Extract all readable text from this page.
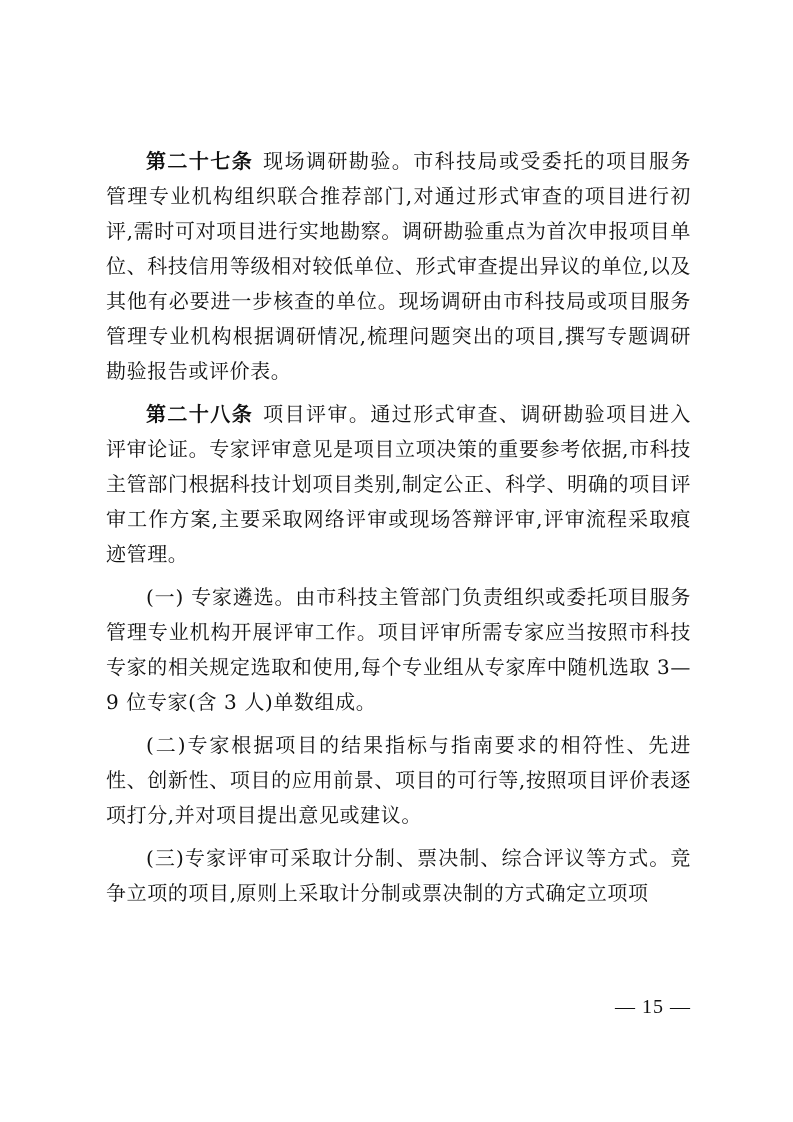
第二十七条 现场调研勘验。市科技局或受委托的项目服务管理专业机构组织联合推荐部门,对通过形式审查的项目进行初评,需时可对项目进行实地勘察。调研勘验重点为首次申报项目单位、科技信用等级相对较低单位、形式审查提出异议的单位,以及其他有必要进一步核查的单位。现场调研由市科技局或项目服务管理专业机构根据调研情况,梳理问题突出的项目,撰写专题调研勘验报告或评价表。

第二十八条 项目评审。通过形式审查、调研勘验项目进入评审论证。专家评审意见是项目立项决策的重要参考依据,市科技主管部门根据科技计划项目类别,制定公正、科学、明确的项目评审工作方案,主要采取网络评审或现场答辩评审,评审流程采取痕迹管理。

(一) 专家遴选。由市科技主管部门负责组织或委托项目服务管理专业机构开展评审工作。项目评审所需专家应当按照市科技专家的相关规定选取和使用,每个专业组从专家库中随机选取 3—9 位专家(含 3 人)单数组成。

(二)专家根据项目的结果指标与指南要求的相符性、先进性、创新性、项目的应用前景、项目的可行等,按照项目评价表逐项打分,并对项目提出意见或建议。

(三)专家评审可采取计分制、票决制、综合评议等方式。竞争立项的项目,原则上采取计分制或票决制的方式确定立项项

— 15 —
